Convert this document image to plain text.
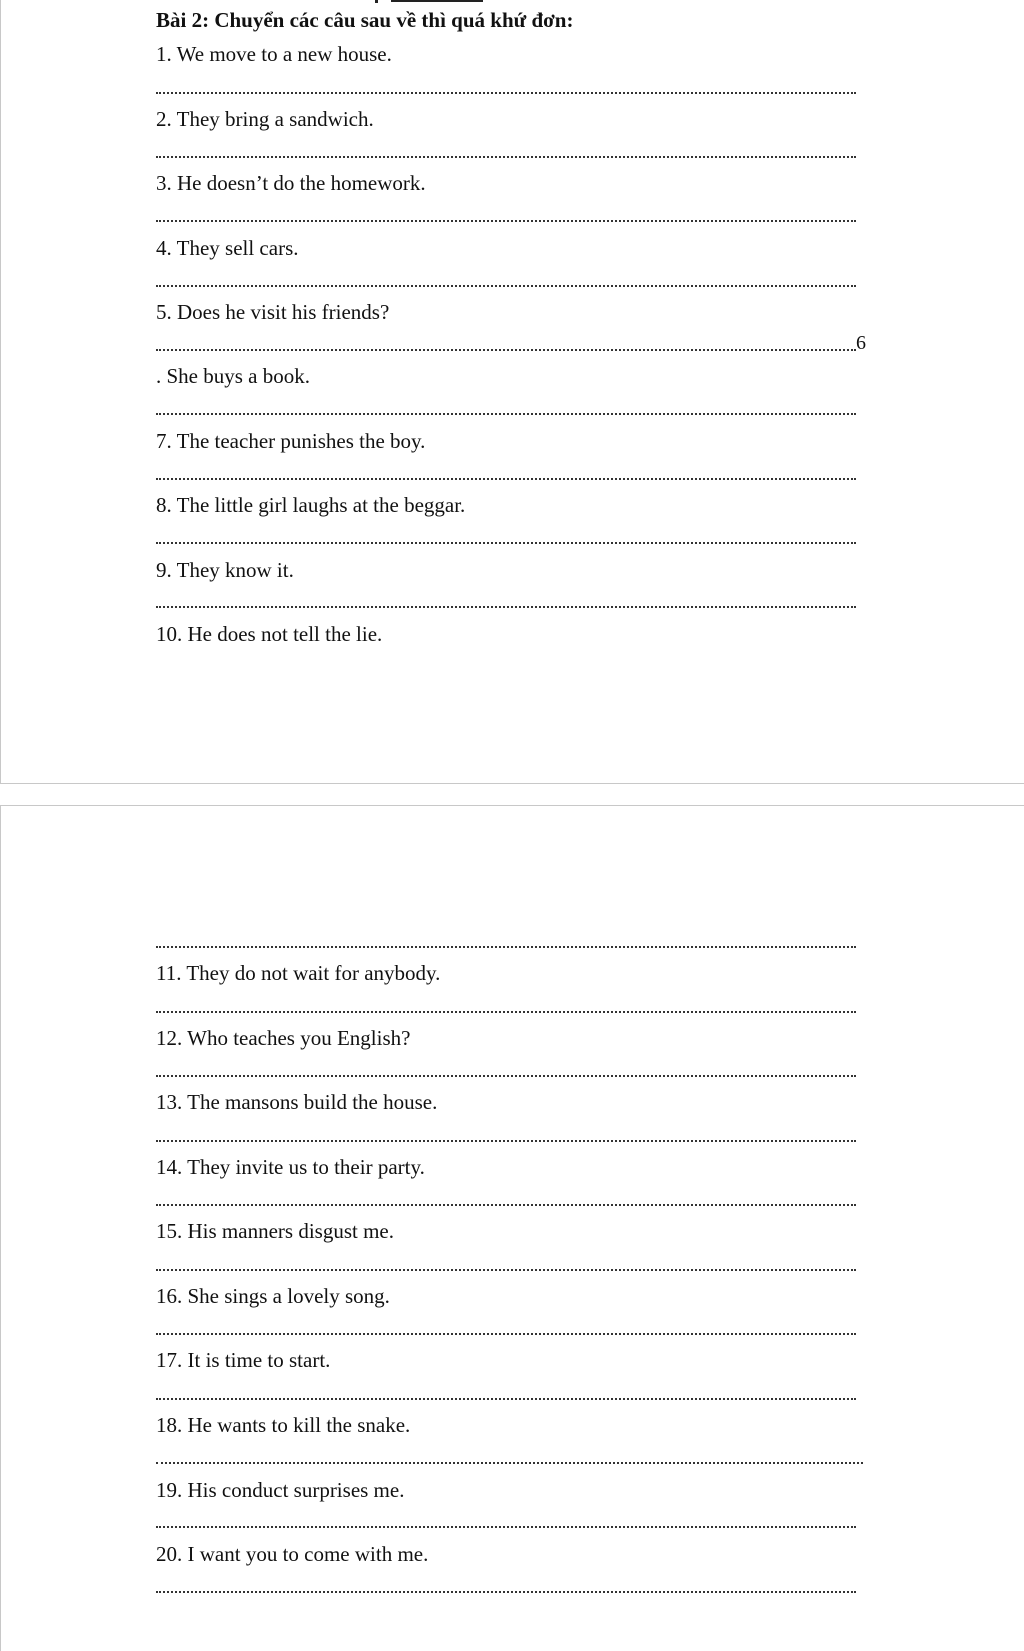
Bài 2: Chuyển các câu sau về thì quá khứ đơn:
1. We move to a new house.
2. They bring a sandwich.
3. He doesn’t do the homework.
4. They sell cars.
5. Does he visit his friends?
6
. She buys a book.
7. The teacher punishes the boy.
8. The little girl laughs at the beggar.
9. They know it.
10. He does not tell the lie.
11. They do not wait for anybody.
12. Who teaches you English?
13. The mansons build the house.
14. They invite us to their party.
15. His manners disgust me.
16. She sings a lovely song.
17. It is time to start.
18. He wants to kill the snake.
19. His conduct surprises me.
20. I want you to come with me.
